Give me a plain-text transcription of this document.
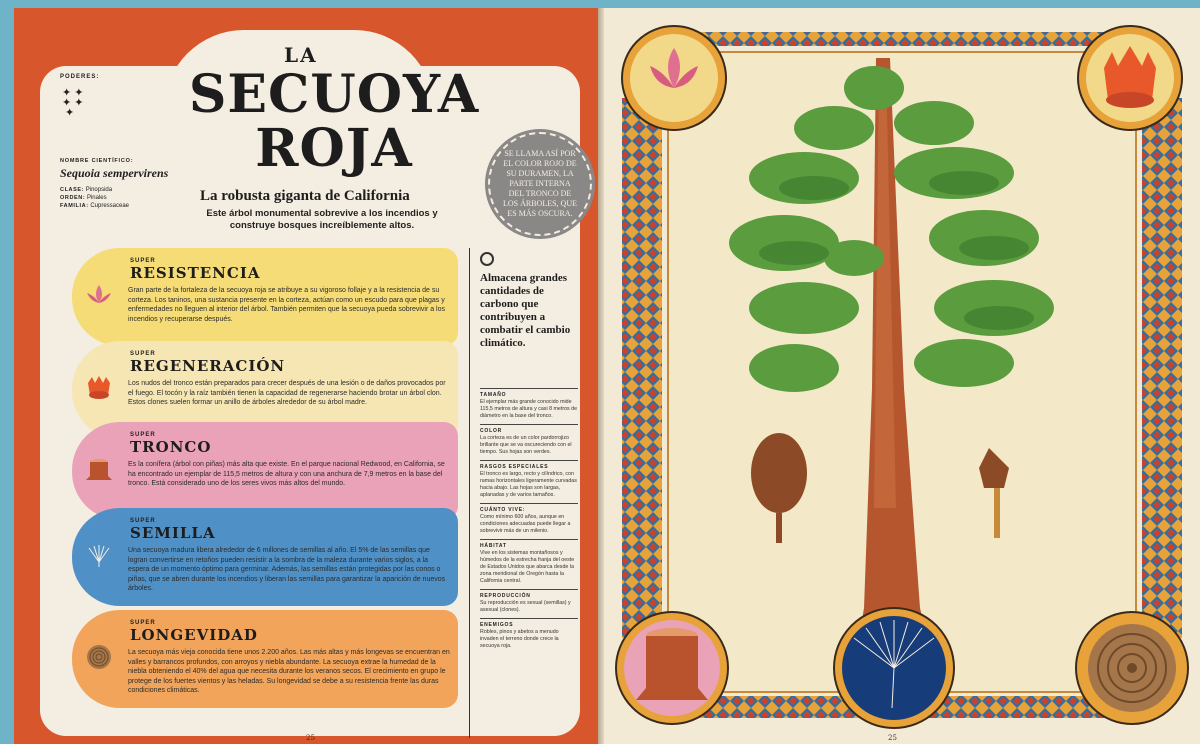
PODERES:
✦ ✦
✦ ✦
✦
LA
SECUOYA ROJA
NOMBRE CIENTÍFICO:
Sequoia sempervirens
CLASE: Pinopsida
ORDEN: Pinales
FAMILIA: Cupressaceae
La robusta giganta de California
Este árbol monumental sobrevive a los incendios y construye bosques increíblemente altos.
SE LLAMA ASÍ POR EL COLOR ROJO DE SU DURAMEN, LA PARTE INTERNA DEL TRONCO DE LOS ÁRBOLES, QUE ES MÁS OSCURA.
SUPER
RESISTENCIA
Gran parte de la fortaleza de la secuoya roja se atribuye a su vigoroso follaje y a la resistencia de su corteza. Los taninos, una sustancia presente en la corteza, actúan como un escudo para que plagas y enfermedades no lleguen al interior del árbol. También permiten que la secuoya pueda sobrevivir a los incendios y recuperarse después.
SUPER
REGENERACIÓN
Los nudos del tronco están preparados para crecer después de una lesión o de daños provocados por el fuego. El tocón y la raíz también tienen la capacidad de regenerarse haciendo brotar un árbol clon. Estos clones suelen formar un anillo de árboles alrededor de su árbol madre.
SUPER
TRONCO
Es la conífera (árbol con piñas) más alta que existe. En el parque nacional Redwood, en California, se ha encontrado un ejemplar de 115,5 metros de altura y con una anchura de 7,9 metros en la base del tronco. Está considerado uno de los seres vivos más altos del mundo.
SUPER
SEMILLA
Una secuoya madura libera alrededor de 6 millones de semillas al año. El 5% de las semillas que logran convertirse en retoños pueden resistir a la sombra de la maleza durante varios siglos, a la espera de un momento óptimo para germinar. Además, las semillas están protegidas por las conos o piñas, que se abren durante los incendios y liberan las semillas para garantizar la aparición de nuevos árboles.
SUPER
LONGEVIDAD
La secuoya más vieja conocida tiene unos 2.200 años. Las más altas y más longevas se encuentran en valles y barrancos profundos, con arroyos y niebla abundante. La secuoya extrae la humedad de la niebla obteniendo el 40% del agua que necesita durante los veranos secos. El crecimiento en grupo le protege de los fuertes vientos y las heladas. Su longevidad se debe a su resistencia frente las duras condiciones climáticas.
Almacena grandes cantidades de carbono que contribuyen a combatir el cambio climático.
TAMAÑO
El ejemplar más grande conocido mide 115,5 metros de altura y casi 8 metros de diámetro en la base del tronco.
COLOR
La corteza es de un color pardorrojizo brillante que se va oscureciendo con el tiempo. Sus hojas son verdes.
RASGOS ESPECIALES
El tronco es largo, recto y cilíndrico, con ramas horizontales ligeramente curvadas hacia abajo. Las hojas son largas, aplanadas y de varios tamaños.
CUÁNTO VIVE:
Como mínimo 600 años, aunque en condiciones adecuadas puede llegar a sobrevivir más de un milenio.
HÁBITAT
Vive en los sistemas montañosos y húmedos de la estrecha franja del oeste de Estados Unidos que abarca desde la zona meridional de Oregón hasta la California central.
REPRODUCCIÓN
Su reproducción es sexual (semillas) y asexual (clones).
ENEMIGOS
Robles, pinos y abetos a menudo invaden el terreno donde crece la secuoya roja.
25	25
